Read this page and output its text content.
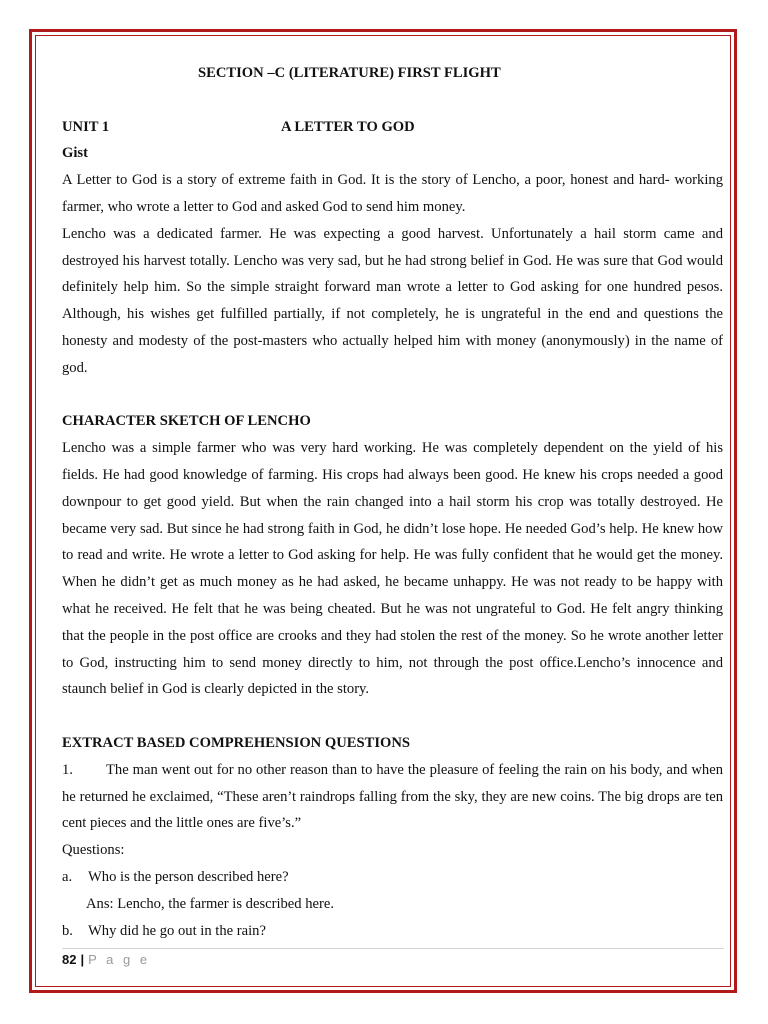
SECTION –C (LITERATURE) FIRST FLIGHT
UNIT 1	A LETTER TO GOD
Gist

A Letter to God is a story of extreme faith in God. It is the story of Lencho, a poor, honest and hard- working farmer, who wrote a letter to God and asked God to send him money.

Lencho was a dedicated farmer. He was expecting a good harvest. Unfortunately a hail storm came and destroyed his harvest totally. Lencho was very sad, but he had strong belief in God. He was sure that God would definitely help him. So the simple straight forward man wrote a letter to God asking for one hundred pesos. Although, his wishes get fulfilled partially, if not completely, he is ungrateful in the end and questions the honesty and modesty of the post-masters who actually helped him with money (anonymously) in the name of god.

CHARACTER SKETCH OF LENCHO

Lencho was a simple farmer who was very hard working. He was completely dependent on the yield of his fields. He had good knowledge of farming. His crops had always been good. He knew his crops needed a good downpour to get good yield. But when the rain changed into a hail storm his crop was totally destroyed. He became very sad. But since he had strong faith in God, he didn’t lose hope. He needed God’s help. He knew how to read and write. He wrote a letter to God asking for help. He was fully confident that he would get the money. When he didn’t get as much money as he had asked, he became unhappy. He was not ready to be happy with what he received. He felt that he was being cheated. But he was not ungrateful to God. He felt angry thinking that the people in the post office are crooks and they had stolen the rest of the money. So he wrote another letter to God, instructing him to send money directly to him, not through the post office.Lencho’s innocence and staunch belief in God is clearly depicted in the story.

EXTRACT BASED COMPREHENSION QUESTIONS

1. The man went out for no other reason than to have the pleasure of feeling the rain on his body, and when he returned he exclaimed, “These aren’t raindrops falling from the sky, they are new coins. The big drops are ten cent pieces and the little ones are five’s.”

Questions:
a. Who is the person described here?
Ans: Lencho, the farmer is described here.
b. Why did he go out in the rain?
82 | P a g e
